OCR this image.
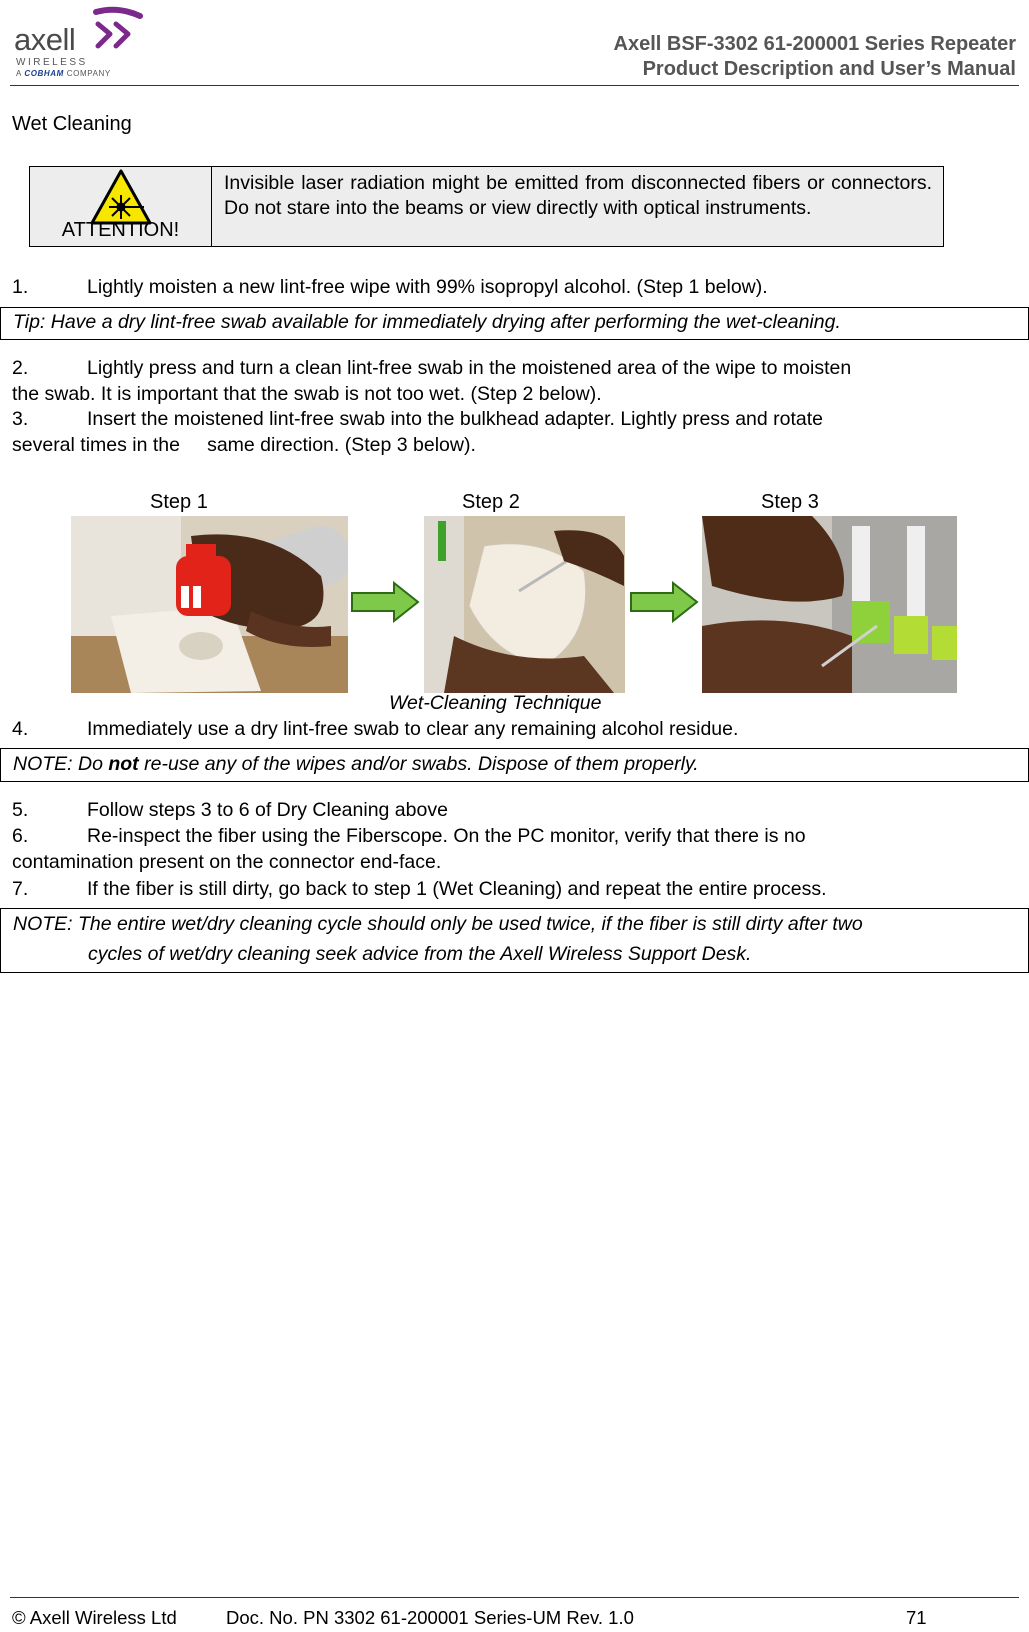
axell
WIRELESS
A COBHAM COMPANY
Axell BSF-3302 61-200001 Series Repeater
Product Description and User’s Manual
Wet Cleaning
ATTENTION!
Invisible laser radiation might be emitted from disconnected fibers or connectors. Do not stare into the beams or view directly with optical instruments.
1.	Lightly moisten a new lint-free wipe with 99% isopropyl alcohol. (Step 1 below).
Tip: Have a dry lint-free swab available for immediately drying after performing the wet-cleaning.
2.	Lightly press and turn a clean lint-free swab in the moistened area of the wipe to moisten
the swab. It is important that the swab is not too wet. (Step 2 below).
3.	Insert the moistened lint-free swab into the bulkhead adapter. Lightly press and rotate
several times in the     same direction. (Step 3 below).
Step 1	Step 2	Step 3
Wet-Cleaning Technique
4.	Immediately use a dry lint-free swab to clear any remaining alcohol residue.
NOTE: Do not re-use any of the wipes and/or swabs. Dispose of them properly.
5.	Follow steps 3 to 6 of Dry Cleaning above
6.	Re-inspect the fiber using the Fiberscope. On the PC monitor, verify that there is no
contamination present on the connector end-face.
7.	If the fiber is still dirty, go back to step 1 (Wet Cleaning) and repeat the entire process.
NOTE: The entire wet/dry cleaning cycle should only be used twice, if the fiber is still dirty after two
cycles of wet/dry cleaning seek advice from the Axell Wireless Support Desk.
© Axell Wireless Ltd	Doc. No. PN 3302 61-200001 Series-UM Rev. 1.0	71
